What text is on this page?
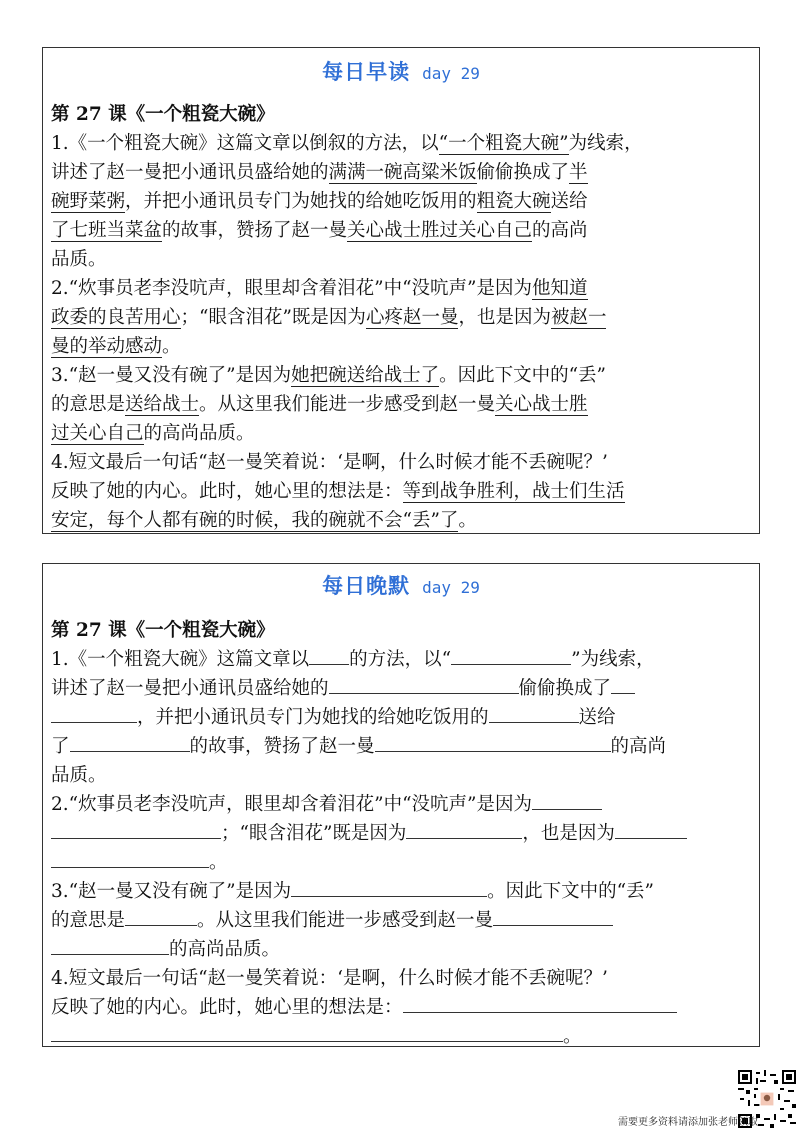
每日早读 day 29
第 27 课《一个粗瓷大碗》
1.《一个粗瓷大碗》这篇文章以倒叙的方法，以“一个粗瓷大碗”为线索，
讲述了赵一曼把小通讯员盛给她的满满一碗高粱米饭偷偷换成了半
碗野菜粥，并把小通讯员专门为她找的给她吃饭用的粗瓷大碗送给
了七班当菜盆的故事，赞扬了赵一曼关心战士胜过关心自己的高尚
品质。
2.“炊事员老李没吭声，眼里却含着泪花”中“没吭声”是因为他知道
政委的良苦用心；“眼含泪花”既是因为心疼赵一曼，也是因为被赵一
曼的举动感动。
3.“赵一曼又没有碗了”是因为她把碗送给战士了。因此下文中的“丢”
的意思是送给战士。从这里我们能进一步感受到赵一曼关心战士胜
过关心自己的高尚品质。
4.短文最后一句话“赵一曼笑着说：‘是啊，什么时候才能不丢碗呢？’
反映了她的内心。此时，她心里的想法是：等到战争胜利，战士们生活
安定，每个人都有碗的时候，我的碗就不会“丢”了。
每日晚默 day 29
第 27 课《一个粗瓷大碗》
1.《一个粗瓷大碗》这篇文章以 的方法，以“	”为线索，
讲述了赵一曼把小通讯员盛给她的	偷偷换成了
，并把小通讯员专门为她找的给她吃饭用的	送给
了	的故事，赞扬了赵一曼	的高尚
品质。
2.“炊事员老李没吭声，眼里却含着泪花”中“没吭声”是因为
；“眼含泪花”既是因为	，也是因为
。
3.“赵一曼又没有碗了”是因为	。因此下文中的“丢”
的意思是	。从这里我们能进一步感受到赵一曼
的高尚品质。
4.短文最后一句话“赵一曼笑着说：‘是啊，什么时候才能不丢碗呢？’
反映了她的内心。此时，她心里的想法是：
。
需要更多资料请添加张老师领取
